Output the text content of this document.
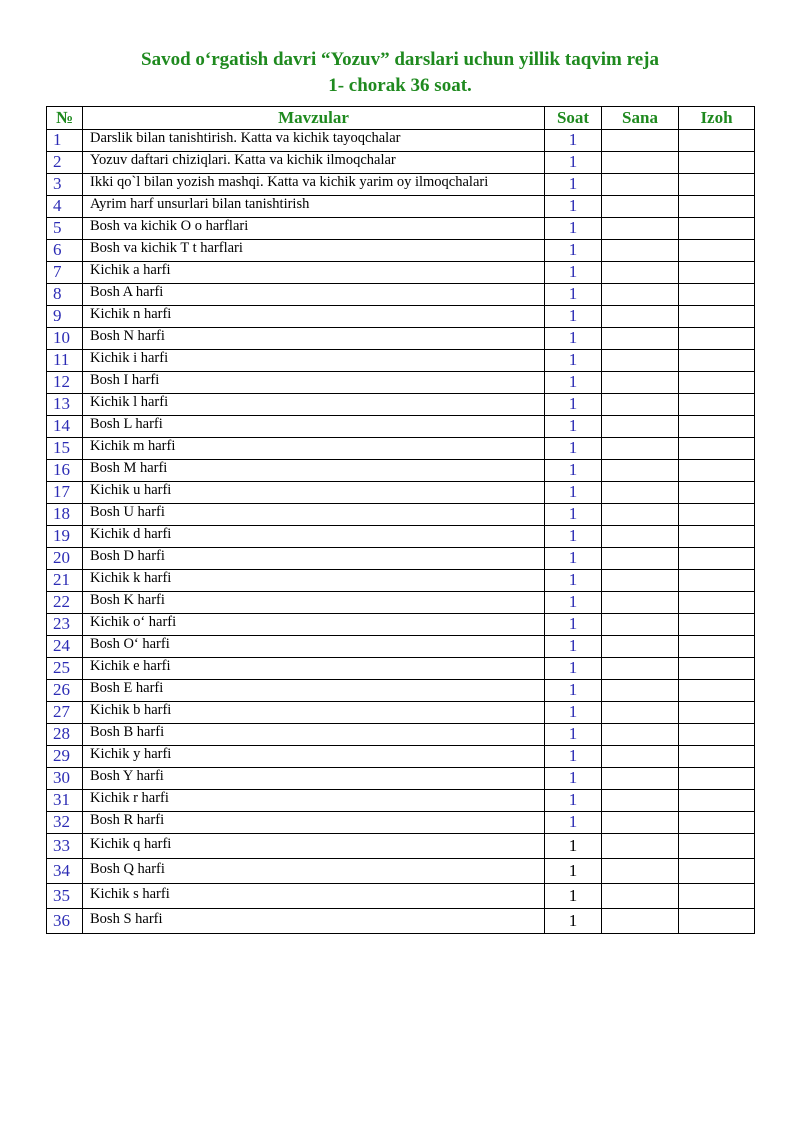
Savod o‘rgatish davri “Yozuv” darslari uchun yillik taqvim reja
1- chorak 36 soat.
№	Mavzular	Soat	Sana	Izoh
1	Darslik bilan tanishtirish. Katta va kichik tayoqchalar	1		
2	Yozuv daftari chiziqlari. Katta va kichik ilmoqchalar	1		
3	Ikki qo`l bilan yozish mashqi. Katta va kichik yarim oy ilmoqchalari	1		
4	Ayrim harf unsurlari bilan tanishtirish	1		
5	Bosh va kichik O o harflari	1		
6	Bosh va kichik T t harflari	1		
7	Kichik a harfi	1		
8	Bosh A harfi	1		
9	Kichik n harfi	1		
10	Bosh N harfi	1		
11	Kichik i harfi	1		
12	Bosh I harfi	1		
13	Kichik l harfi	1		
14	Bosh L harfi	1		
15	Kichik m harfi	1		
16	Bosh M harfi	1		
17	Kichik u harfi	1		
18	Bosh U harfi	1		
19	Kichik d harfi	1		
20	Bosh D harfi	1		
21	Kichik k harfi	1		
22	Bosh K harfi	1		
23	Kichik o‘ harfi	1		
24	Bosh O‘ harfi	1		
25	Kichik e harfi	1		
26	Bosh E harfi	1		
27	Kichik b harfi	1		
28	Bosh B harfi	1		
29	Kichik y harfi	1		
30	Bosh Y harfi	1		
31	Kichik r harfi	1		
32	Bosh R harfi	1		
33	Kichik q harfi	1		
34	Bosh Q harfi	1		
35	Kichik s harfi	1		
36	Bosh S harfi	1		
